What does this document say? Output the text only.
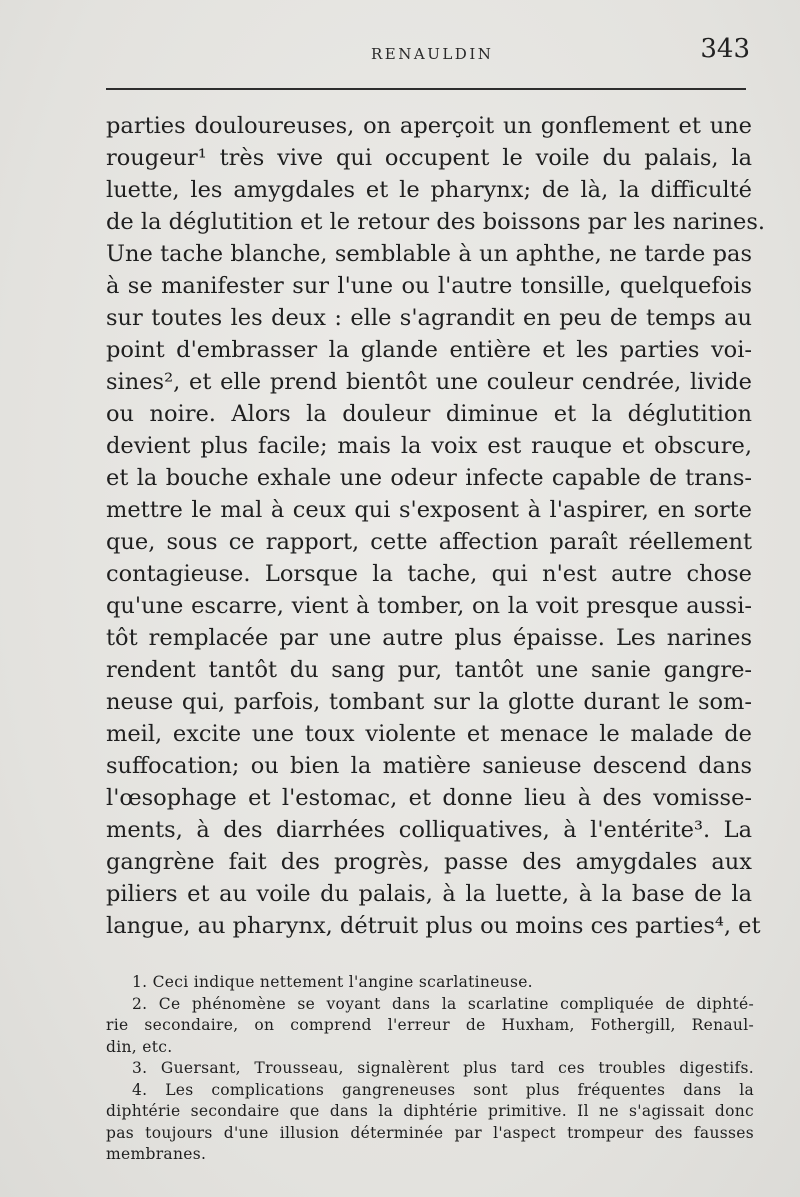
RENAULDIN	343
parties douloureuses, on aperçoit un gonflement et une
rougeur¹ très vive qui occupent le voile du palais, la
luette, les amygdales et le pharynx; de là, la difficulté
de la déglutition et le retour des boissons par les narines.
Une tache blanche, semblable à un aphthe, ne tarde pas
à se manifester sur l'une ou l'autre tonsille, quelquefois
sur toutes les deux : elle s'agrandit en peu de temps au
point d'embrasser la glande entière et les parties voi-
sines², et elle prend bientôt une couleur cendrée, livide
ou noire. Alors la douleur diminue et la déglutition
devient plus facile; mais la voix est rauque et obscure,
et la bouche exhale une odeur infecte capable de trans-
mettre le mal à ceux qui s'exposent à l'aspirer, en sorte
que, sous ce rapport, cette affection paraît réellement
contagieuse. Lorsque la tache, qui n'est autre chose
qu'une escarre, vient à tomber, on la voit presque aussi-
tôt remplacée par une autre plus épaisse. Les narines
rendent tantôt du sang pur, tantôt une sanie gangre-
neuse qui, parfois, tombant sur la glotte durant le som-
meil, excite une toux violente et menace le malade de
suffocation; ou bien la matière sanieuse descend dans
l'œsophage et l'estomac, et donne lieu à des vomisse-
ments, à des diarrhées colliquatives, à l'entérite³. La
gangrène fait des progrès, passe des amygdales aux
piliers et au voile du palais, à la luette, à la base de la
langue, au pharynx, détruit plus ou moins ces parties⁴, et
1. Ceci indique nettement l'angine scarlatineuse.
2. Ce phénomène se voyant dans la scarlatine compliquée de diphté-
rie secondaire, on comprend l'erreur de Huxham, Fothergill, Renaul-
din, etc.
3. Guersant, Trousseau, signalèrent plus tard ces troubles digestifs.
4. Les complications gangreneuses sont plus fréquentes dans la
diphtérie secondaire que dans la diphtérie primitive. Il ne s'agissait donc
pas toujours d'une illusion déterminée par l'aspect trompeur des fausses
membranes.
